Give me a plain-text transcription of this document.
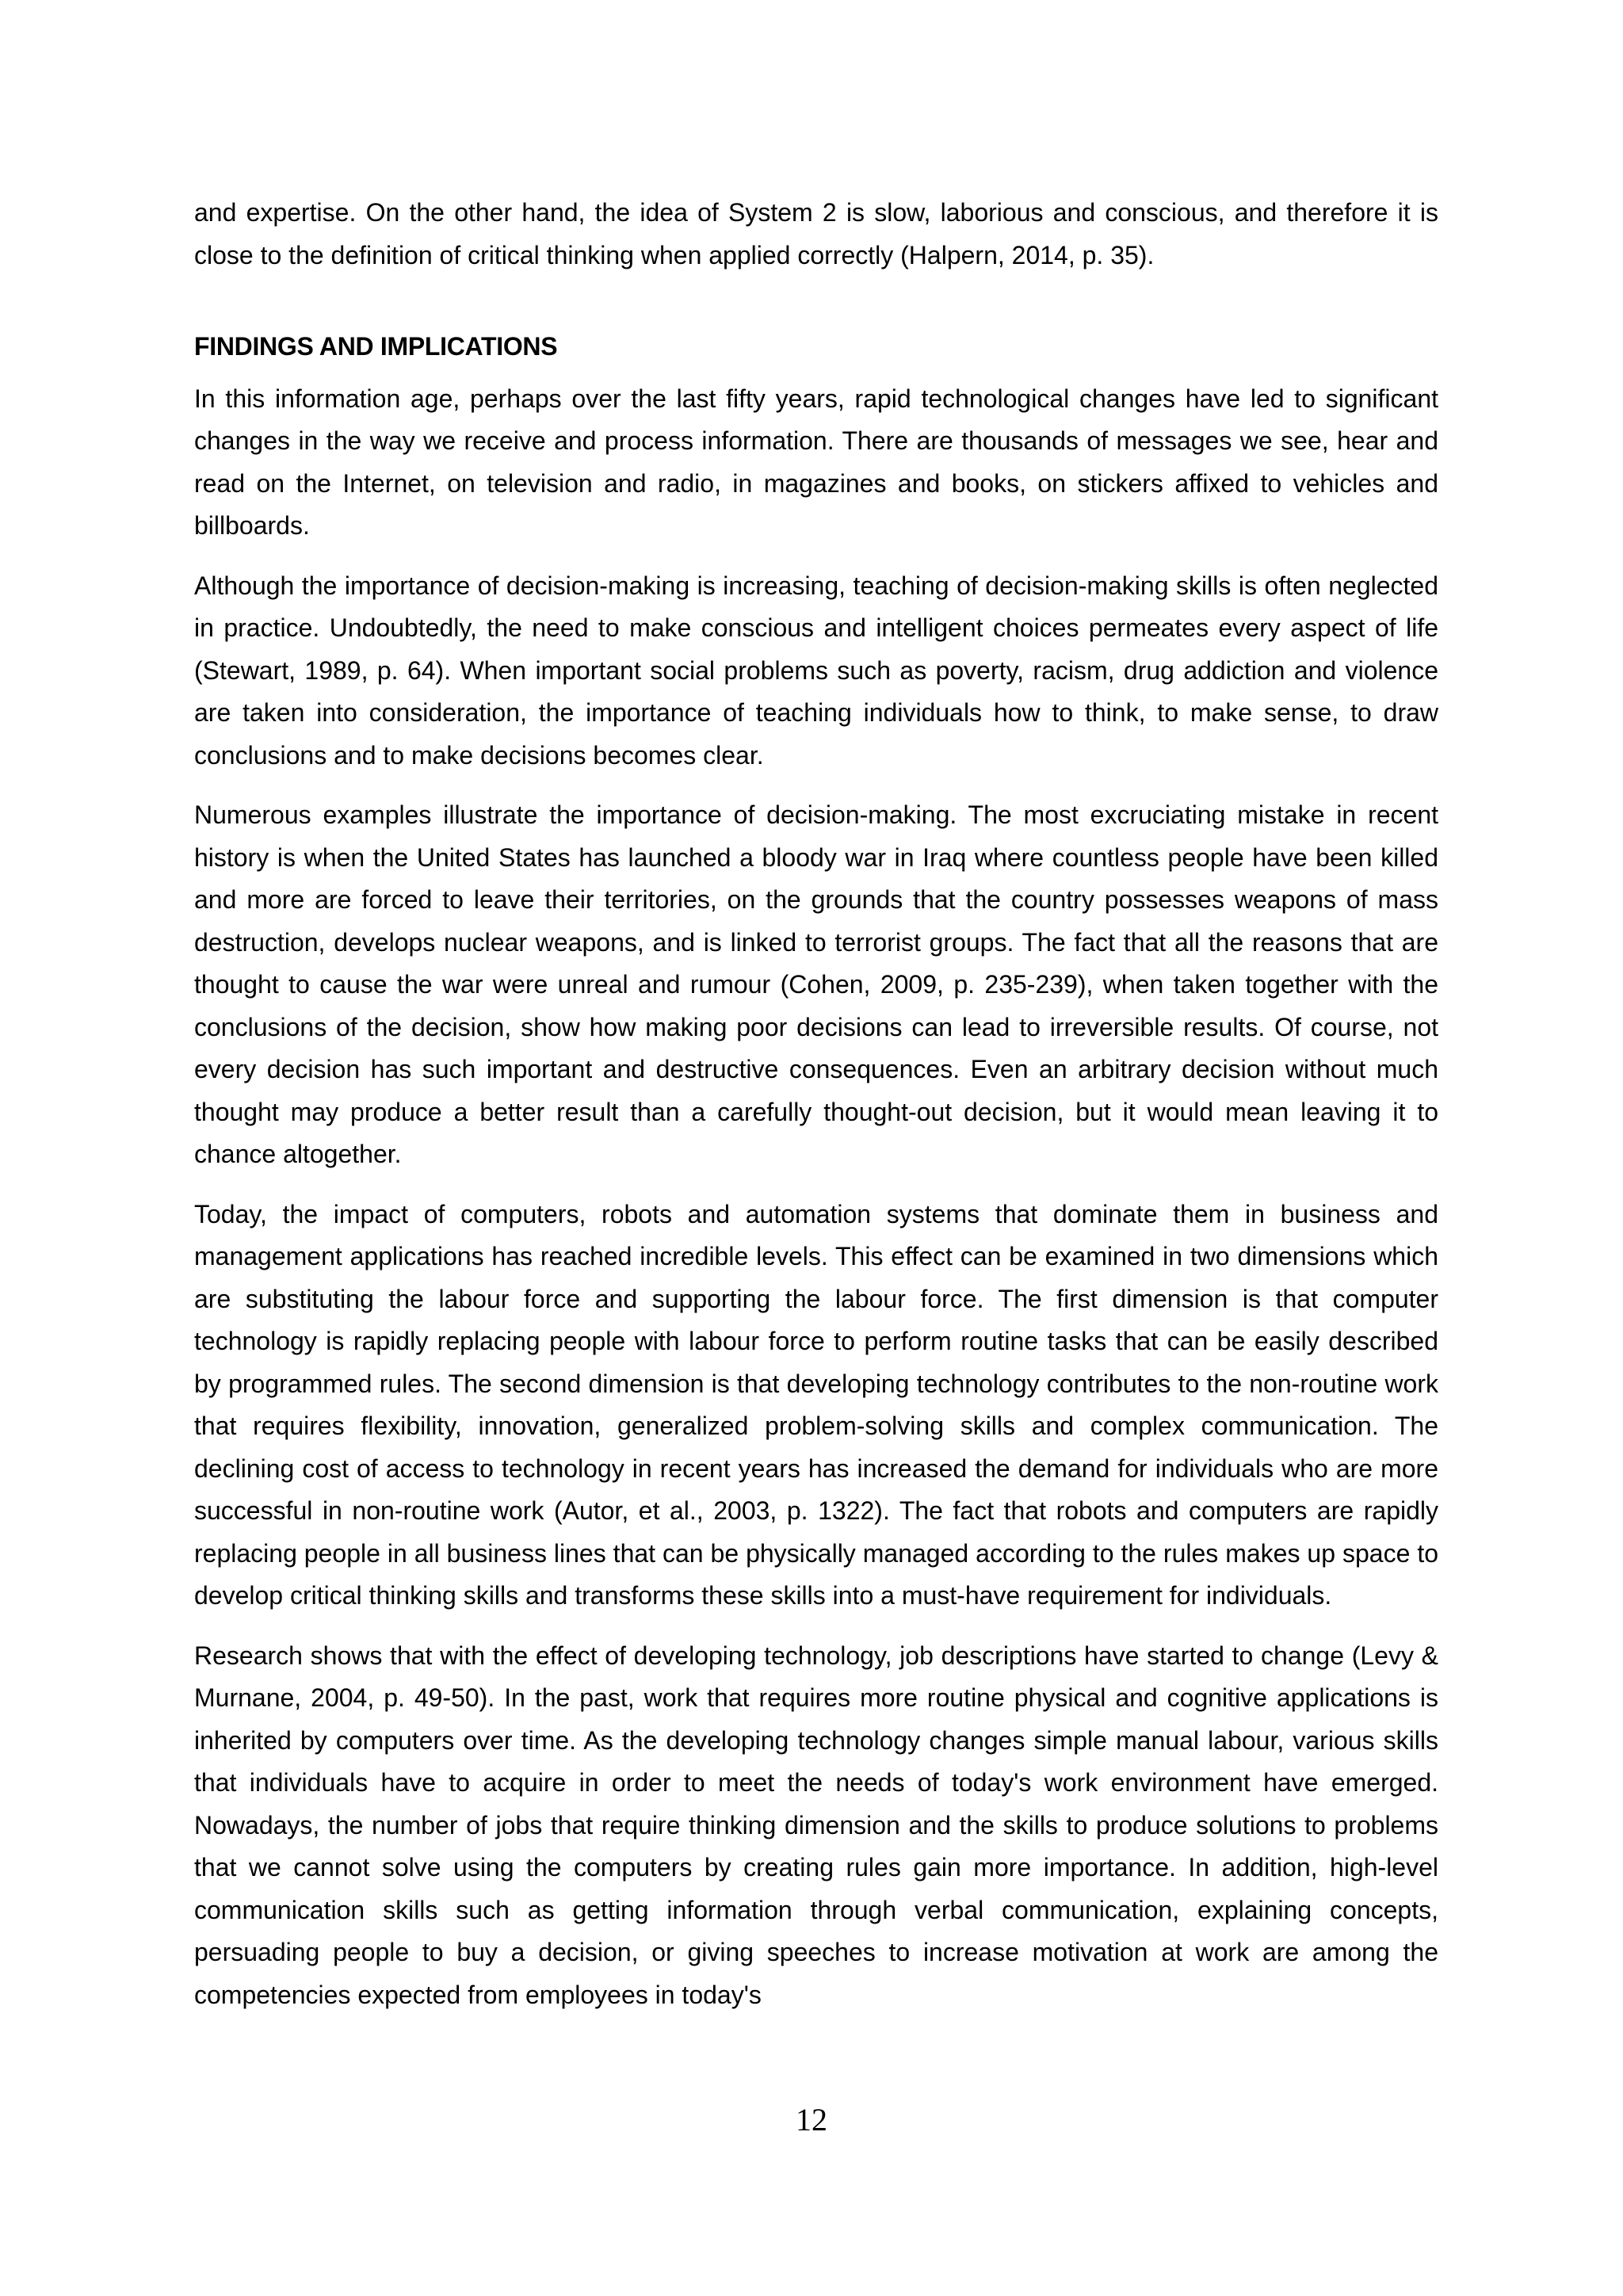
and expertise. On the other hand, the idea of System 2 is slow, laborious and conscious, and therefore it is close to the definition of critical thinking when applied correctly (Halpern, 2014, p. 35).

FINDINGS AND IMPLICATIONS

In this information age, perhaps over the last fifty years, rapid technological changes have led to significant changes in the way we receive and process information. There are thousands of messages we see, hear and read on the Internet, on television and radio, in magazines and books, on stickers affixed to vehicles and billboards.

Although the importance of decision-making is increasing, teaching of decision-making skills is often neglected in practice. Undoubtedly, the need to make conscious and intelligent choices permeates every aspect of life (Stewart, 1989, p. 64). When important social problems such as poverty, racism, drug addiction and violence are taken into consideration, the importance of teaching individuals how to think, to make sense, to draw conclusions and to make decisions becomes clear.

Numerous examples illustrate the importance of decision-making. The most excruciating mistake in recent history is when the United States has launched a bloody war in Iraq where countless people have been killed and more are forced to leave their territories, on the grounds that the country possesses weapons of mass destruction, develops nuclear weapons, and is linked to terrorist groups. The fact that all the reasons that are thought to cause the war were unreal and rumour (Cohen, 2009, p. 235-239), when taken together with the conclusions of the decision, show how making poor decisions can lead to irreversible results. Of course, not every decision has such important and destructive consequences. Even an arbitrary decision without much thought may produce a better result than a carefully thought-out decision, but it would mean leaving it to chance altogether.

Today, the impact of computers, robots and automation systems that dominate them in business and management applications has reached incredible levels. This effect can be examined in two dimensions which are substituting the labour force and supporting the labour force. The first dimension is that computer technology is rapidly replacing people with labour force to perform routine tasks that can be easily described by programmed rules. The second dimension is that developing technology contributes to the non-routine work that requires flexibility, innovation, generalized problem-solving skills and complex communication. The declining cost of access to technology in recent years has increased the demand for individuals who are more successful in non-routine work (Autor, et al., 2003, p. 1322). The fact that robots and computers are rapidly replacing people in all business lines that can be physically managed according to the rules makes up space to develop critical thinking skills and transforms these skills into a must-have requirement for individuals.

Research shows that with the effect of developing technology, job descriptions have started to change (Levy & Murnane, 2004, p. 49-50). In the past, work that requires more routine physical and cognitive applications is inherited by computers over time. As the developing technology changes simple manual labour, various skills that individuals have to acquire in order to meet the needs of today's work environment have emerged. Nowadays, the number of jobs that require thinking dimension and the skills to produce solutions to problems that we cannot solve using the computers by creating rules gain more importance. In addition, high-level communication skills such as getting information through verbal communication, explaining concepts, persuading people to buy a decision, or giving speeches to increase motivation at work are among the competencies expected from employees in today's

12
